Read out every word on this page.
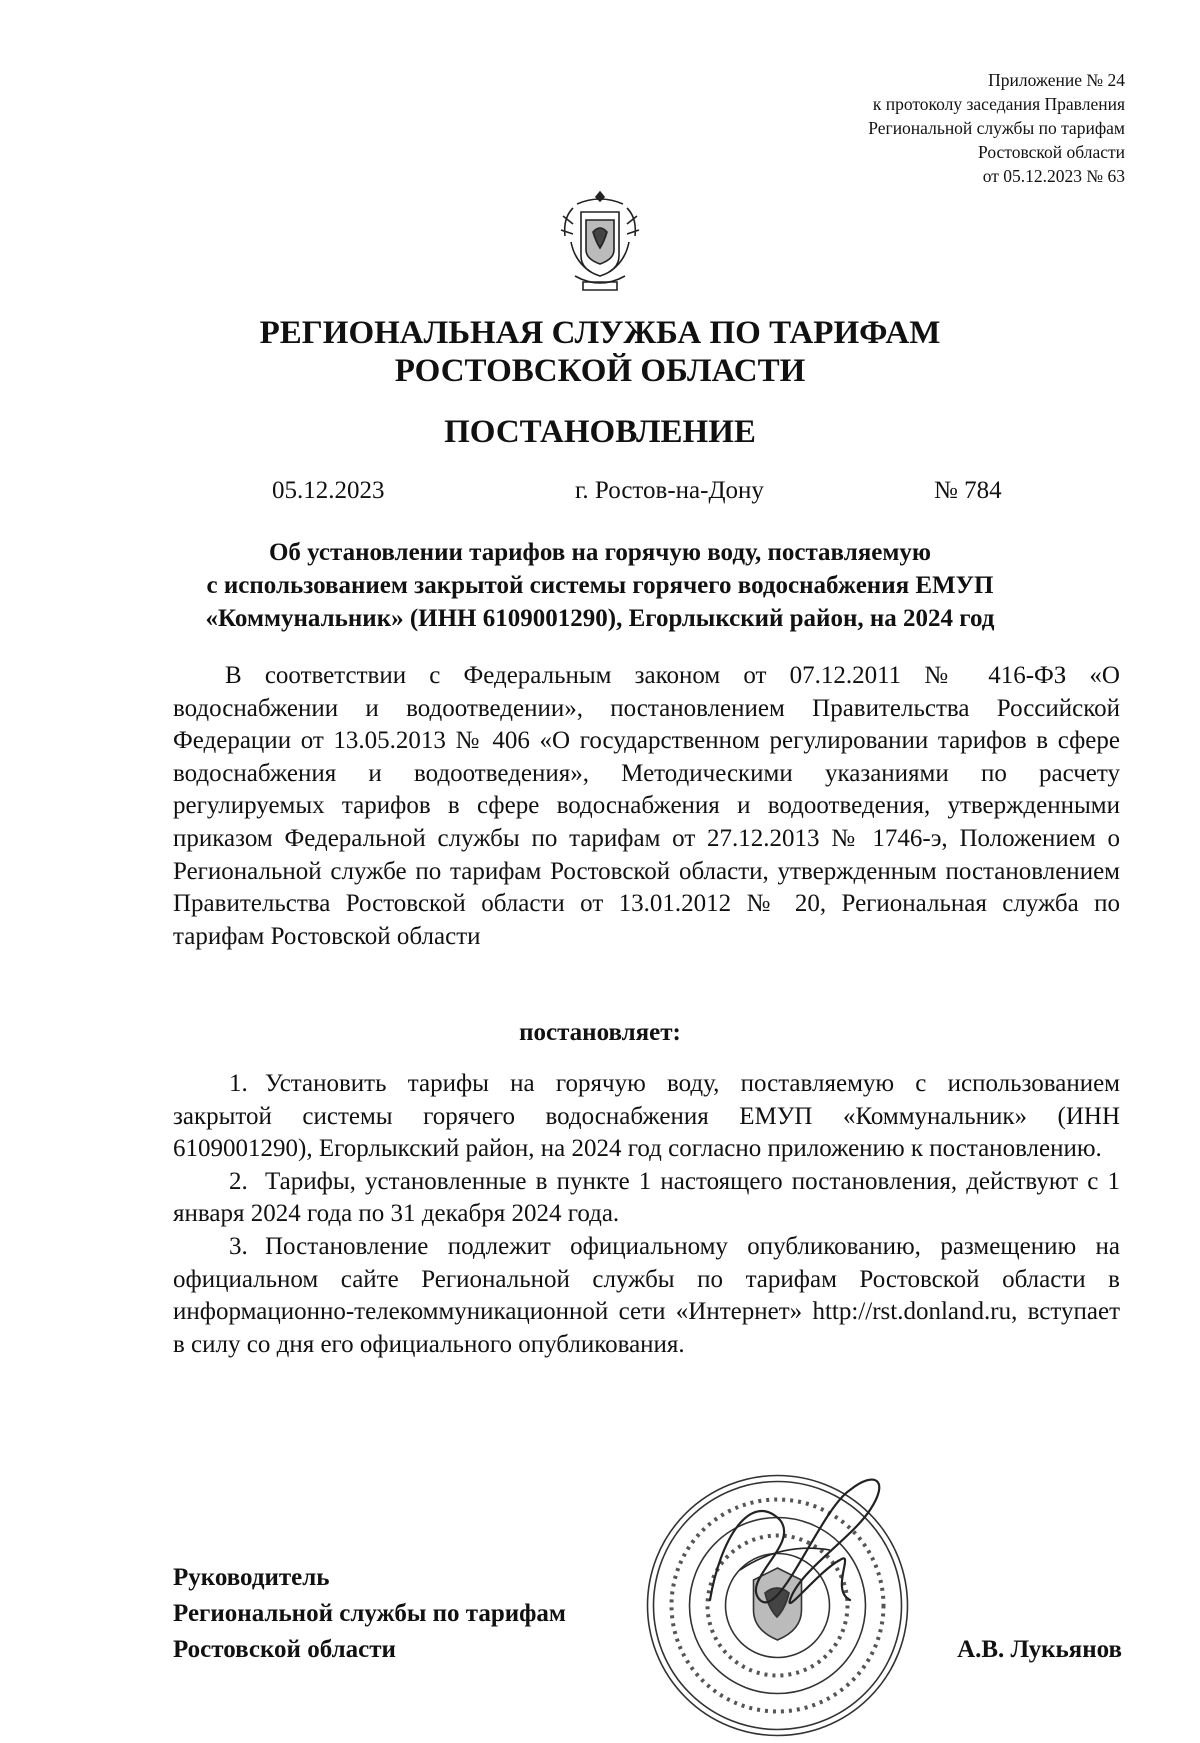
Приложение № 24
к протоколу заседания Правления
Региональной службы по тарифам
Ростовской области
от 05.12.2023 № 63
РЕГИОНАЛЬНАЯ СЛУЖБА ПО ТАРИФАМ
РОСТОВСКОЙ ОБЛАСТИ
ПОСТАНОВЛЕНИЕ
05.12.2023	г. Ростов-на-Дону	№ 784
Об установлении тарифов на горячую воду, поставляемую
с использованием закрытой системы горячего водоснабжения ЕМУП
«Коммунальник» (ИНН 6109001290), Егорлыкский район, на 2024 год

В соответствии с Федеральным законом от 07.12.2011 № 416-ФЗ «О водоснабжении и водоотведении», постановлением Правительства Российской Федерации от 13.05.2013 № 406 «О государственном регулировании тарифов в сфере водоснабжения и водоотведения», Методическими указаниями по расчету регулируемых тарифов в сфере водоснабжения и водоотведения, утвержденными приказом Федеральной службы по тарифам от 27.12.2013 № 1746-э, Положением о Региональной службе по тарифам Ростовской области, утвержденным постановлением Правительства Ростовской области от 13.01.2012 № 20, Региональная служба по тарифам Ростовской области

постановляет:

1. Установить тарифы на горячую воду, поставляемую с использованием закрытой системы горячего водоснабжения ЕМУП «Коммунальник» (ИНН 6109001290), Егорлыкский район, на 2024 год согласно приложению к постановлению.

2. Тарифы, установленные в пункте 1 настоящего постановления, действуют с 1 января 2024 года по 31 декабря 2024 года.

3. Постановление подлежит официальному опубликованию, размещению на официальном сайте Региональной службы по тарифам Ростовской области в информационно-телекоммуникационной сети «Интернет» http://rst.donland.ru, вступает в силу со дня его официального опубликования.

Руководитель
Региональной службы по тарифам
Ростовской области	А.В. Лукьянов
